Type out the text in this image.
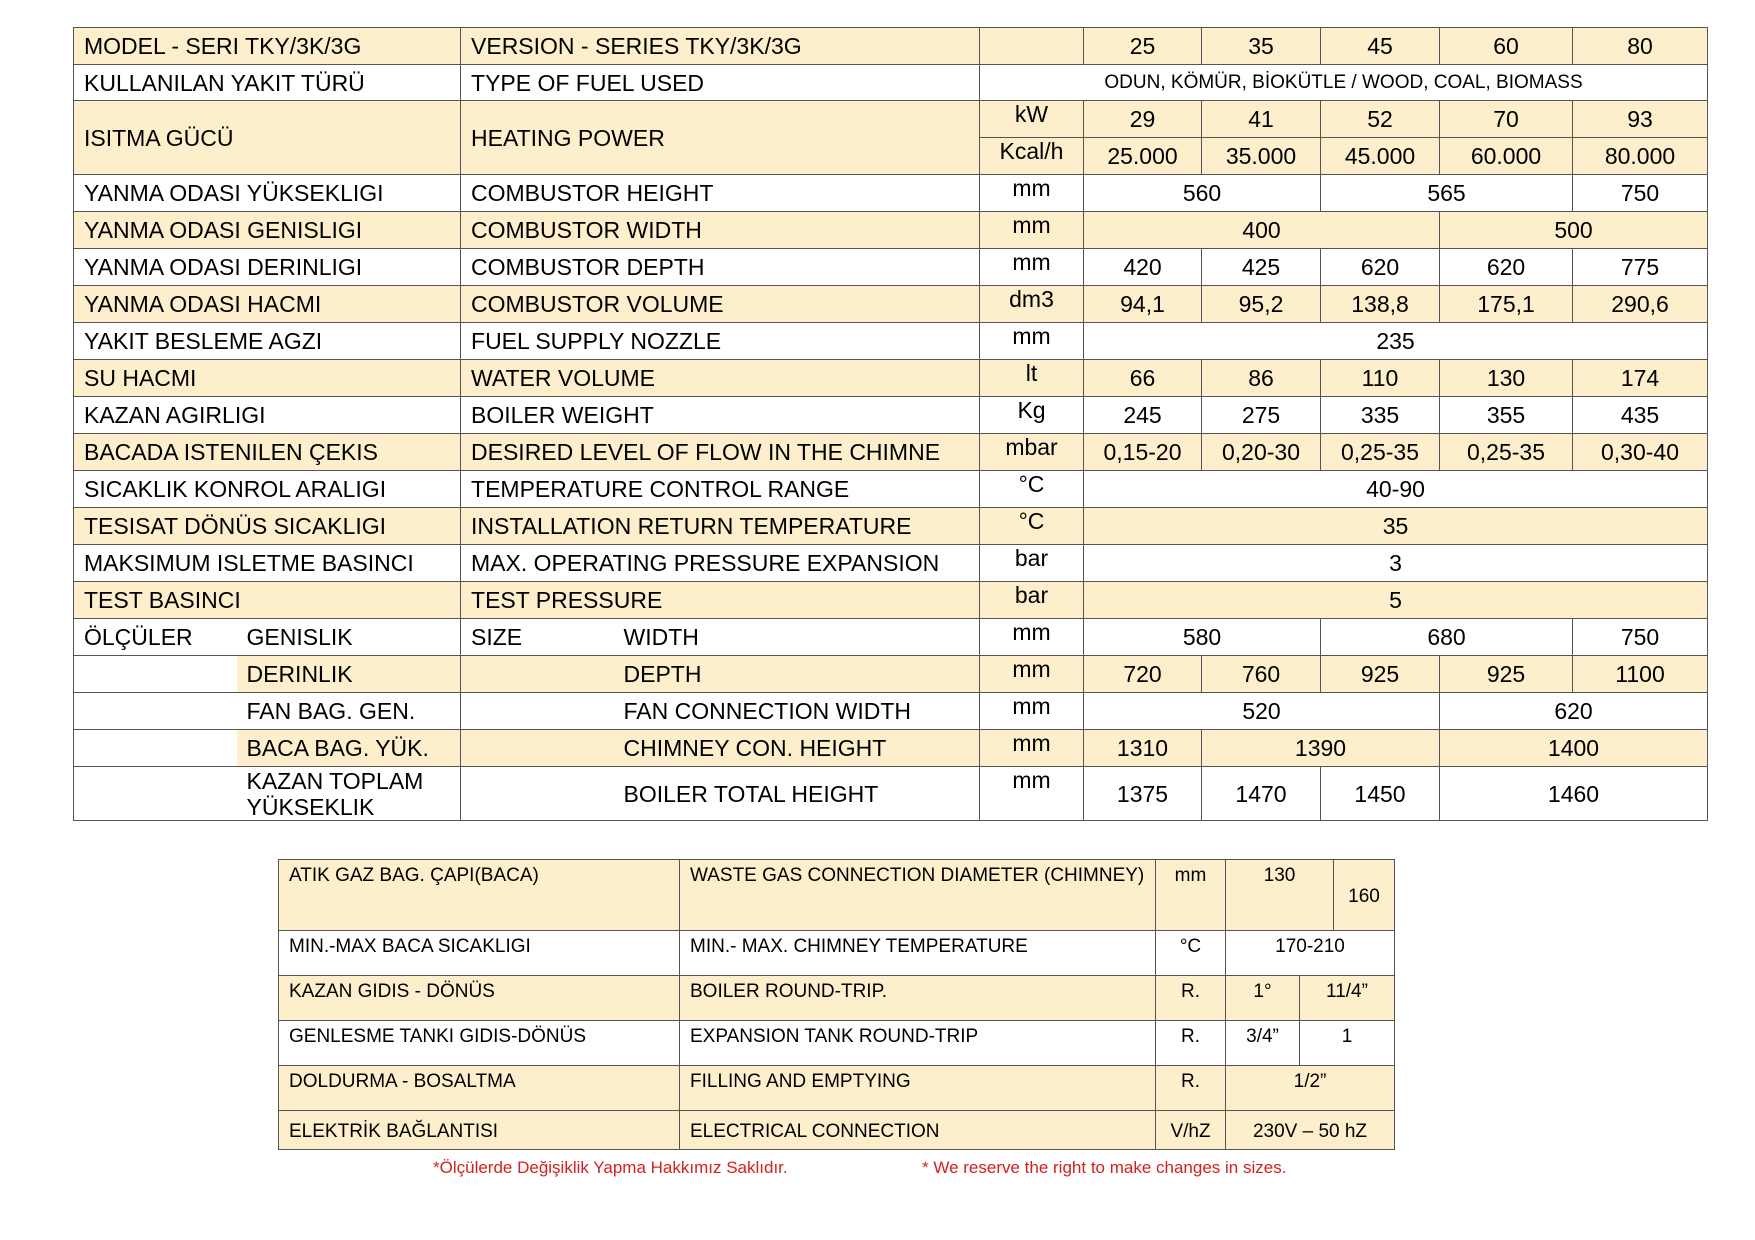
MODEL - SERI TKY/3K/3G		VERSION - SERIES TKY/3K/3G			25	35	45	60	80
KULLANILAN YAKIT TÜRÜ		TYPE OF FUEL USED		ODUN, KÖMÜR, BİOKÜTLE / WOOD, COAL, BIOMASS					
ISITMA GÜCÜ		HEATING POWER		kW	29	41	52	70	93
				Kcal/h	25.000	35.000	45.000	60.000	80.000
YANMA ODASI YÜKSEKLIGI		COMBUSTOR HEIGHT		mm	560		565		750
YANMA ODASI GENISLIGI		COMBUSTOR WIDTH		mm	400			500	
YANMA ODASI DERINLIGI		COMBUSTOR DEPTH		mm	420	425	620	620	775
YANMA ODASI HACMI		COMBUSTOR VOLUME		dm3	94,1	95,2	138,8	175,1	290,6
YAKIT BESLEME AGZI		FUEL SUPPLY NOZZLE		mm	235				
SU HACMI		WATER VOLUME		lt	66	86	110	130	174
KAZAN AGIRLIGI		BOILER WEIGHT		Kg	245	275	335	355	435
BACADA ISTENILEN ÇEKIS		DESIRED LEVEL OF FLOW IN THE CHIMNE		mbar	0,15-20	0,20-30	0,25-35	0,25-35	0,30-40
SICAKLIK KONROL ARALIGI		TEMPERATURE CONTROL RANGE		°C	40-90				
TESISAT DÖNÜS SICAKLIGI		INSTALLATION RETURN TEMPERATURE		°C	35				
MAKSIMUM ISLETME BASINCI		MAX. OPERATING PRESSURE EXPANSION		bar	3				
TEST BASINCI		TEST PRESSURE		bar	5				
ÖLÇÜLER	GENISLIK	SIZE	WIDTH	mm	580		680		750
	DERINLIK		DEPTH	mm	720	760	925	925	1100
	FAN BAG. GEN.		FAN CONNECTION WIDTH	mm	520			620	
	BACA BAG. YÜK.		CHIMNEY CON. HEIGHT	mm	1310	1390		1400	
	KAZAN TOPLAM YÜKSEKLIK		BOILER TOTAL HEIGHT	mm	1375	1470	1450	1460	
ATIK GAZ BAG. ÇAPI(BACA)	WASTE GAS CONNECTION DIAMETER (CHIMNEY)	mm	130		160
MIN.-MAX BACA SICAKLIGI	MIN.- MAX. CHIMNEY TEMPERATURE	°C	170-210		
KAZAN GIDIS - DÖNÜS	BOILER ROUND-TRIP.	R.	1°	11/4”	
GENLESME TANKI GIDIS-DÖNÜS	EXPANSION TANK ROUND-TRIP	R.	3/4”	1	
DOLDURMA - BOSALTMA	FILLING AND EMPTYING	R.	1/2”		
ELEKTRİK BAĞLANTISI	ELECTRICAL CONNECTION	V/hZ	230V – 50 hZ		
*Ölçülerde Değişiklik Yapma Hakkımız Saklıdır.	* We reserve the right to make changes in sizes.
